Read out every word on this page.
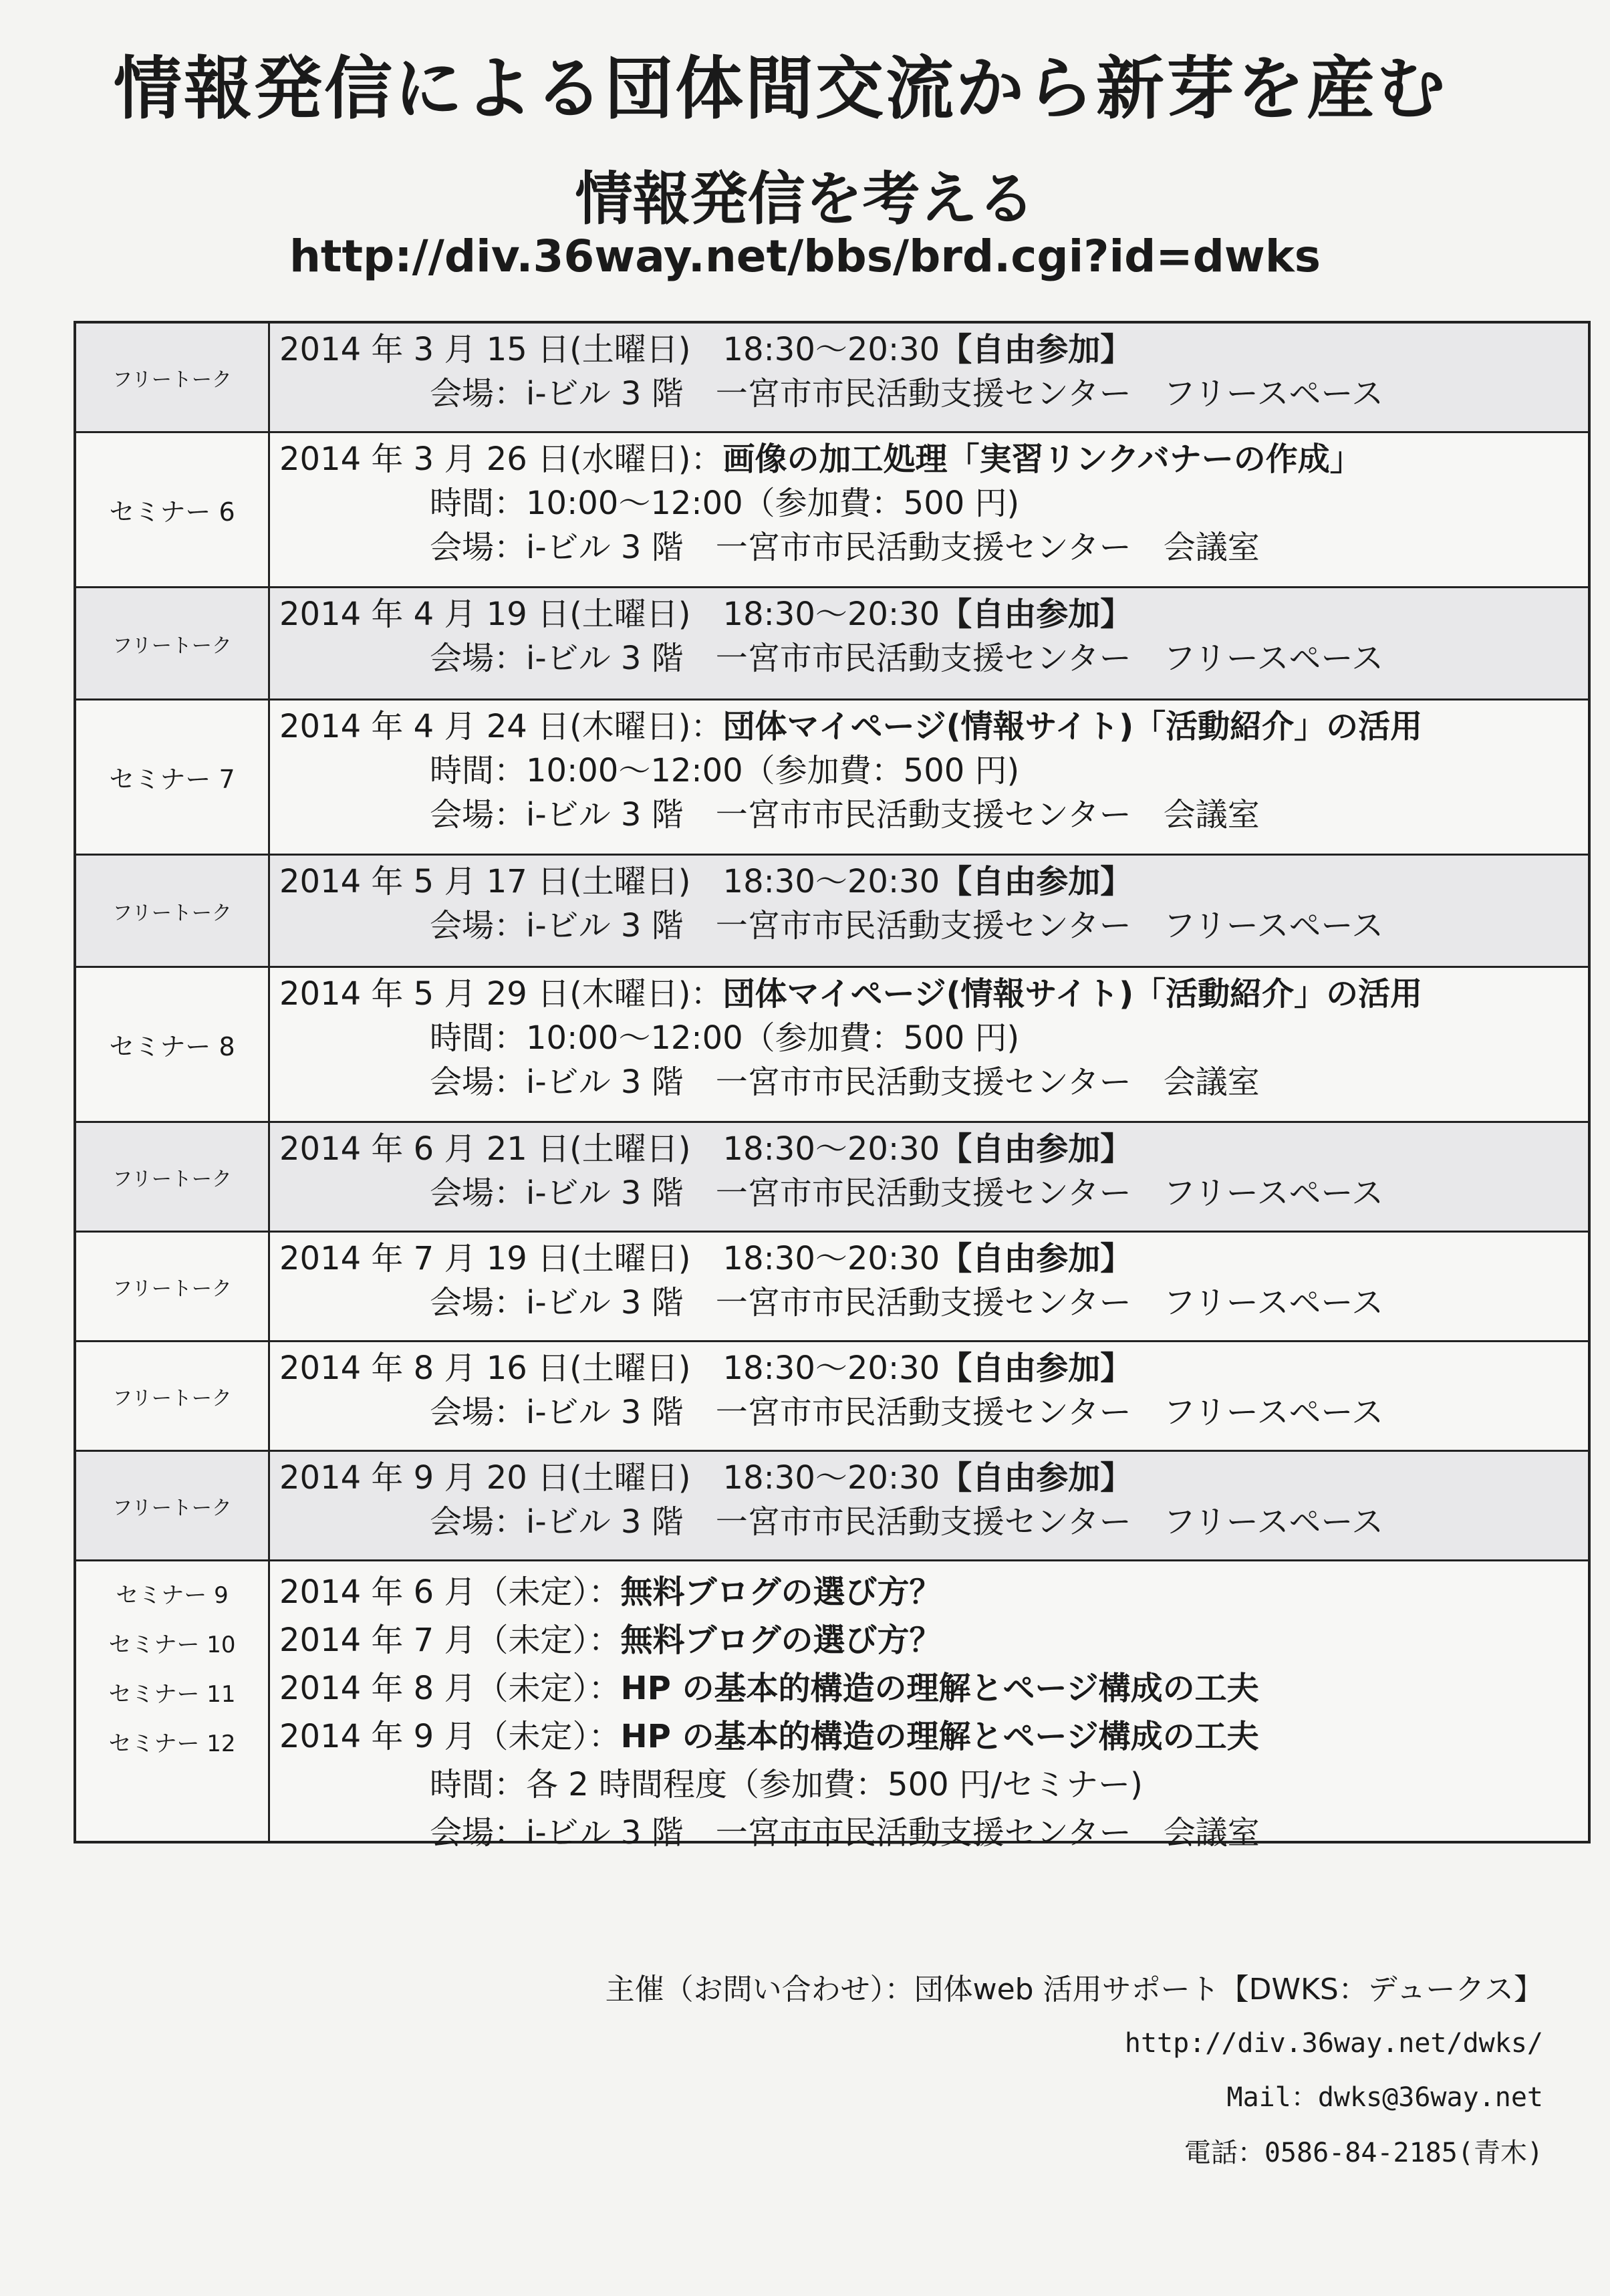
情報発信による団体間交流から新芽を産む
情報発信を考える
http://div.36way.net/bbs/brd.cgi?id=dwks
フリートーク
2014 年 3 月 15 日(土曜日) 18:30〜20:30【自由参加】
会場：i-ビル 3 階　一宮市市民活動支援センター　フリースペース
セミナー 6
2014 年 3 月 26 日(水曜日)：画像の加工処理「実習リンクバナーの作成」
時間：10:00〜12:00（参加費：500 円)
会場：i-ビル 3 階　一宮市市民活動支援センター　会議室
フリートーク
2014 年 4 月 19 日(土曜日) 18:30〜20:30【自由参加】
会場：i-ビル 3 階　一宮市市民活動支援センター　フリースペース
セミナー 7
2014 年 4 月 24 日(木曜日)：団体マイページ(情報サイト)「活動紹介」の活用
時間：10:00〜12:00（参加費：500 円)
会場：i-ビル 3 階　一宮市市民活動支援センター　会議室
フリートーク
2014 年 5 月 17 日(土曜日) 18:30〜20:30【自由参加】
会場：i-ビル 3 階　一宮市市民活動支援センター　フリースペース
セミナー 8
2014 年 5 月 29 日(木曜日)：団体マイページ(情報サイト)「活動紹介」の活用
時間：10:00〜12:00（参加費：500 円)
会場：i-ビル 3 階　一宮市市民活動支援センター　会議室
フリートーク
2014 年 6 月 21 日(土曜日) 18:30〜20:30【自由参加】
会場：i-ビル 3 階　一宮市市民活動支援センター　フリースペース
フリートーク
2014 年 7 月 19 日(土曜日) 18:30〜20:30【自由参加】
会場：i-ビル 3 階　一宮市市民活動支援センター　フリースペース
フリートーク
2014 年 8 月 16 日(土曜日) 18:30〜20:30【自由参加】
会場：i-ビル 3 階　一宮市市民活動支援センター　フリースペース
フリートーク
2014 年 9 月 20 日(土曜日) 18:30〜20:30【自由参加】
会場：i-ビル 3 階　一宮市市民活動支援センター　フリースペース
セミナー 9
セミナー 10
セミナー 11
セミナー 12
2014 年 6 月（未定）：無料ブログの選び方？
2014 年 7 月（未定）：無料ブログの選び方？
2014 年 8 月（未定）：HP の基本的構造の理解とページ構成の工夫
2014 年 9 月（未定）：HP の基本的構造の理解とページ構成の工夫
時間：各 2 時間程度（参加費：500 円/セミナー)
会場：i-ビル 3 階　一宮市市民活動支援センター　会議室
主催（お問い合わせ）：団体web 活用サポート【DWKS：デュークス】
http://div.36way.net/dwks/
Mail：dwks@36way.net
電話：0586-84-2185(青木)
